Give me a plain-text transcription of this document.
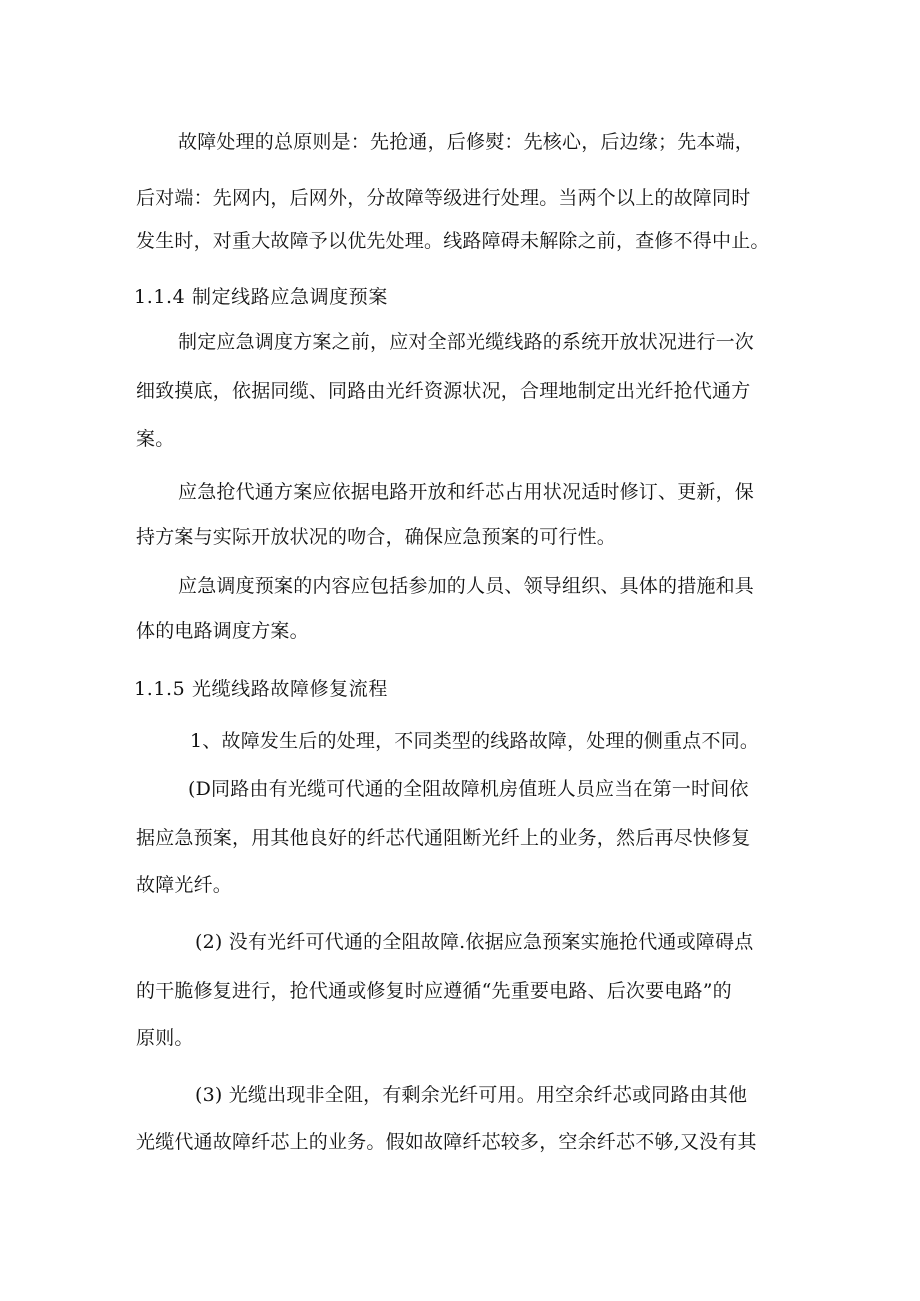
故障处理的总原则是：先抢通，后修熨：先核心，后边缘；先本端，
后对端：先网内，后网外，分故障等级进行处理。当两个以上的故障同时
发生时，对重大故障予以优先处理。线路障碍未解除之前，查修不得中止。
1.1.4 制定线路应急调度预案
制定应急调度方案之前，应对全部光缆线路的系统开放状况进行一次
细致摸底，依据同缆、同路由光纤资源状况，合理地制定出光纤抢代通方
案。
应急抢代通方案应依据电路开放和纤芯占用状况适时修订、更新，保
持方案与实际开放状况的吻合，确保应急预案的可行性。
应急调度预案的内容应包括参加的人员、领导组织、具体的措施和具
体的电路调度方案。
1.1.5 光缆线路故障修复流程
1、故障发生后的处理，不同类型的线路故障，处理的侧重点不同。
(D同路由有光缆可代通的全阻故障机房值班人员应当在第一时间依
据应急预案，用其他良好的纤芯代通阻断光纤上的业务，然后再尽快修复
故障光纤。
(2) 没有光纤可代通的全阻故障.依据应急预案实施抢代通或障碍点
的干脆修复进行，抢代通或修复时应遵循“先重要电路、后次要电路”的
原则。
(3) 光缆出现非全阻，有剩余光纤可用。用空余纤芯或同路由其他
光缆代通故障纤芯上的业务。假如故障纤芯较多，空余纤芯不够,又没有其
